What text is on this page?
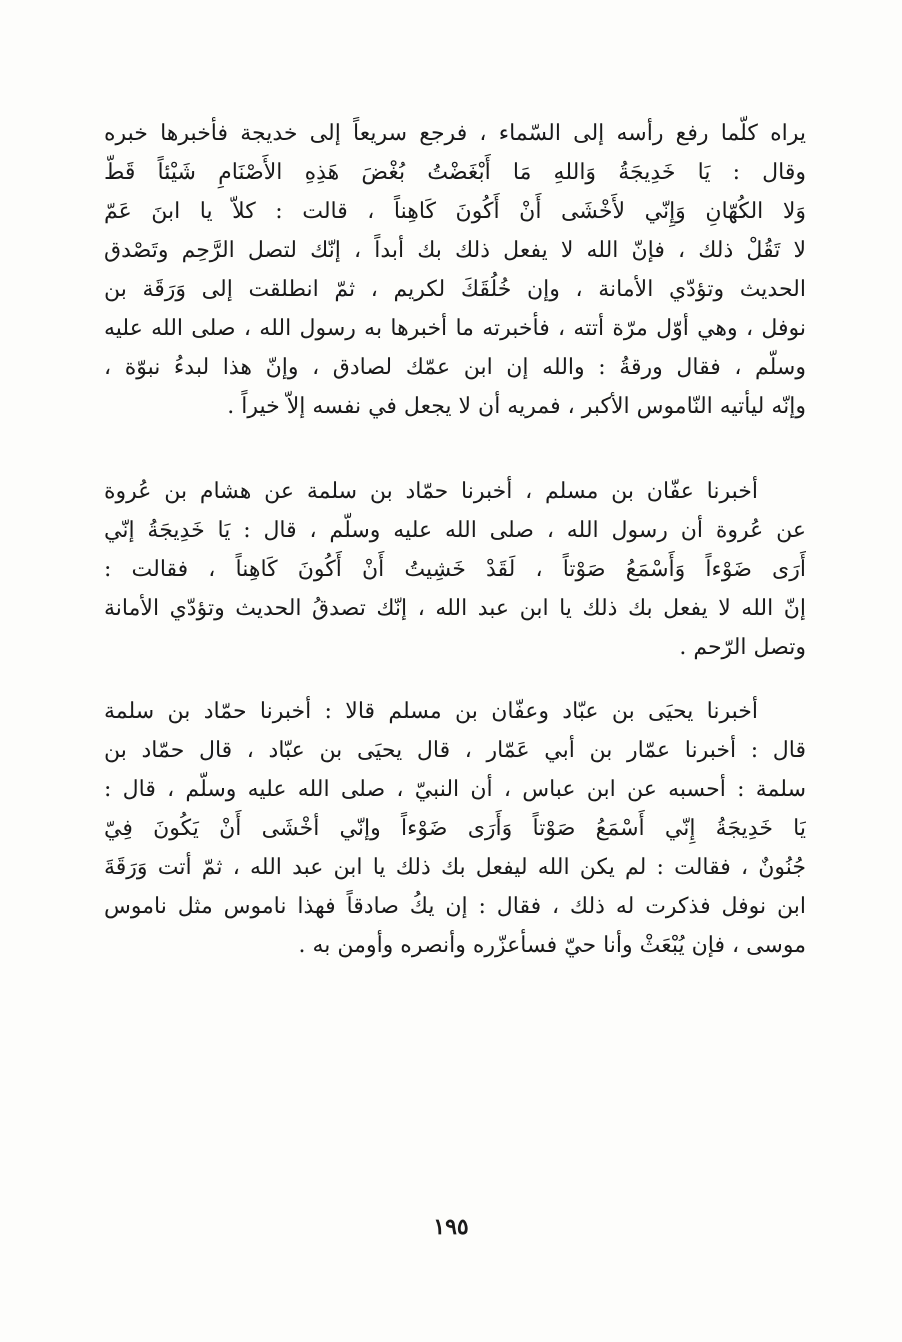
يراه كلّما رفع رأسه إلى السّماء ، فرجع سريعاً إلى خديجة فأخبرها خبره
وقال : يَا خَدِيجَةُ وَاللهِ مَا أَبْغَضْتُ بُغْضَ هَذِهِ الأَصْنَامِ شَيْئاً قَطّ
وَلا الكُهّانِ وَإِنّي لأَخْشَى أَنْ أَكُونَ كَاهِناً ، قالت : كلاّ يا ابنَ عَمّ
لا تَقُلْ ذلك ، فإنّ الله لا يفعل ذلك بك أبداً ، إنّك لتصل الرَّحِم وتَصْدق
الحديث وتؤدّي الأمانة ، وإن خُلُقَكَ لكريم ، ثمّ انطلقت إلى وَرَقَة بن
نوفل ، وهي أوّل مرّة أتته ، فأخبرته ما أخبرها به رسول الله ، صلى الله عليه
وسلّم ، فقال ورقةُ : والله إن ابن عمّك لصادق ، وإنّ هذا لبدءُ نبوّة ،
وإنّه ليأتيه النّاموس الأكبر ، فمريه أن لا يجعل في نفسه إلاّ خيراً .
أخبرنا عفّان بن مسلم ، أخبرنا حمّاد بن سلمة عن هشام بن عُروة
عن عُروة أن رسول الله ، صلى الله عليه وسلّم ، قال : يَا خَدِيجَةُ إنّي
أَرَى ضَوْءاً وَأَسْمَعُ صَوْتاً ، لَقَدْ خَشِيتُ أَنْ أَكُونَ كَاهِناً ، فقالت :
إنّ الله لا يفعل بك ذلك يا ابن عبد الله ، إنّك تصدقُ الحديث وتؤدّي الأمانة
وتصل الرّحم .
أخبرنا يحيَى بن عبّاد وعفّان بن مسلم قالا : أخبرنا حمّاد بن سلمة
قال : أخبرنا عمّار بن أبي عَمّار ، قال يحيَى بن عبّاد ، قال حمّاد بن
سلمة : أحسبه عن ابن عباس ، أن النبيّ ، صلى الله عليه وسلّم ، قال :
يَا خَدِيجَةُ إِنّي أَسْمَعُ صَوْتاً وَأَرَى ضَوْءاً وإنّي أخْشَى أَنْ يَكُونَ فِيّ
جُنُونٌ ، فقالت : لم يكن الله ليفعل بك ذلك يا ابن عبد الله ، ثمّ أتت وَرَقَةَ
ابن نوفل فذكرت له ذلك ، فقال : إن يكُ صادقاً فهذا ناموس مثل ناموس
موسى ، فإن يُبْعَثْ وأنا حيّ فسأعزّره وأنصره وأومن به .
١٩٥
